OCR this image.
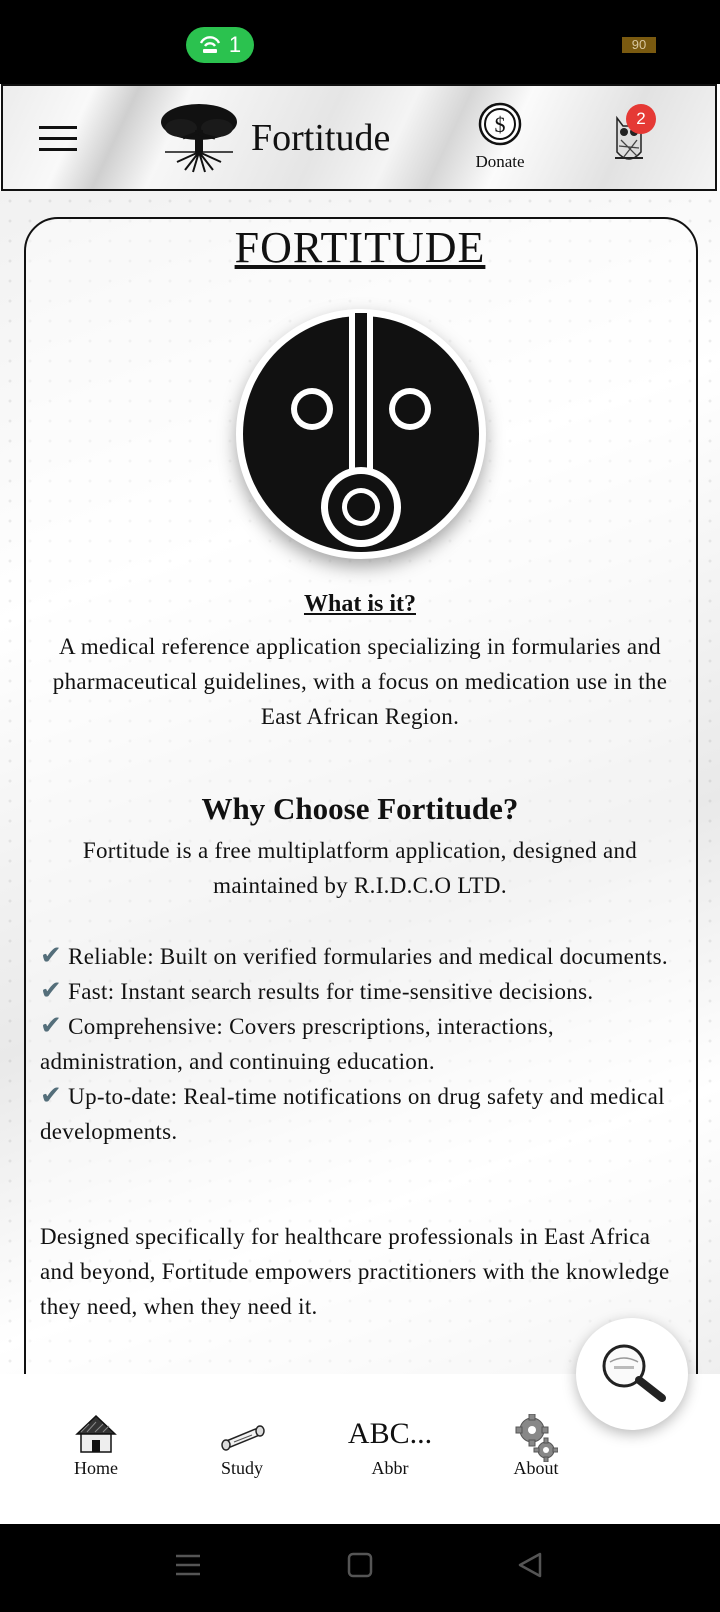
1	90
Fortitude	$
Donate
2
FORTITUDE
What is it?
A medical reference application specializing in formularies and pharmaceutical guidelines, with a focus on medication use in the East African Region.
Why Choose Fortitude?
Fortitude is a free multiplatform application, designed and maintained by R.I.D.C.O LTD.

✔ Reliable: Built on verified formularies and medical documents.

✔ Fast: Instant search results for time-sensitive decisions.

✔ Comprehensive: Covers prescriptions, interactions, administration, and continuing education.

✔ Up-to-date: Real-time notifications on drug safety and medical developments.

Designed specifically for healthcare professionals in East Africa and beyond, Fortitude empowers practitioners with the knowledge they need, when they need it.
Home	Study
ABC...
Abbr	About
